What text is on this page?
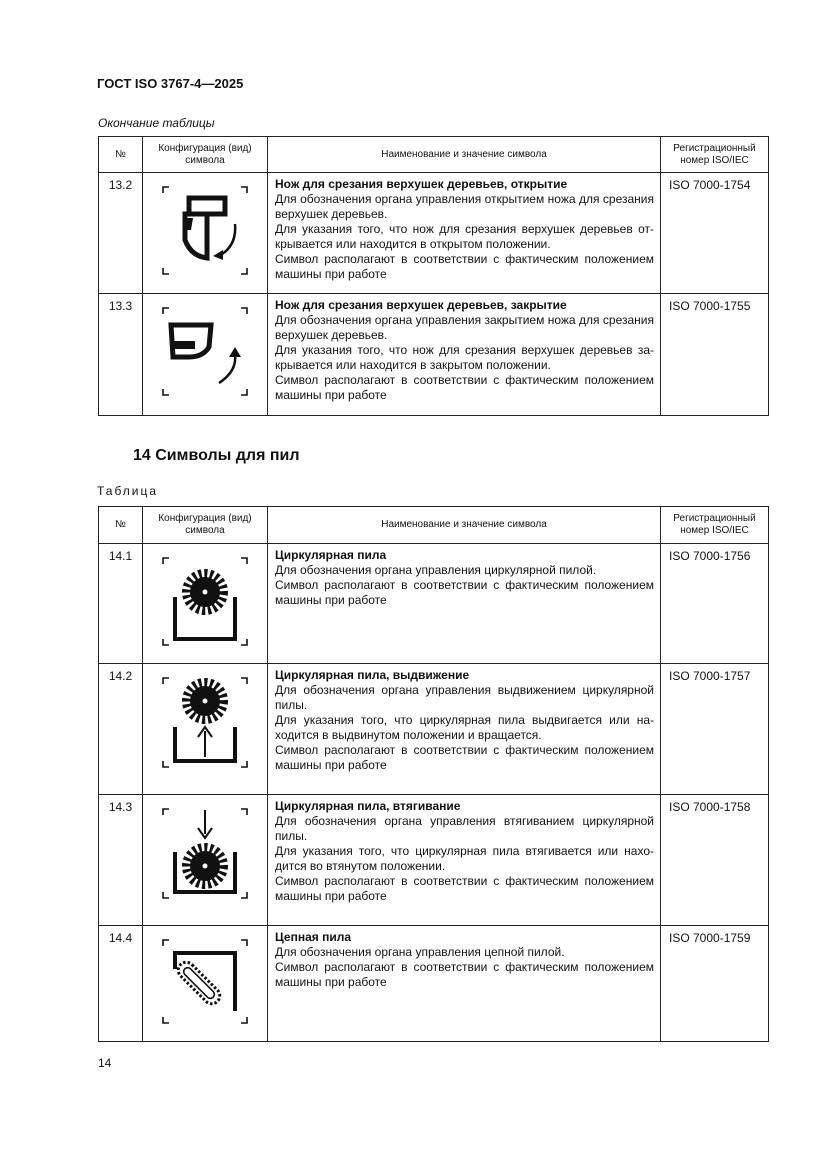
ГОСТ ISO 3767-4—2025
Окончание таблицы
№	Конфигурация (вид) символа	Наименование и значение символа	Регистрационный номер ISO/IEC
13.2		Нож для срезания верхушек деревьев, открытие
Для обозначения органа управления открытием ножа для срезания верхушек деревьев.
Для указания того, что нож для срезания верхушек деревьев открывается или находится в открытом положении.
Символ располагают в соответствии с фактическим положением машины при работе	ISO 7000-1754
13.3		Нож для срезания верхушек деревьев, закрытие
Для обозначения органа управления закрытием ножа для срезания верхушек деревьев.
Для указания того, что нож для срезания верхушек деревьев закрывается или находится в закрытом положении.
Символ располагают в соответствии с фактическим положением машины при работе	ISO 7000-1755
14 Символы для пил
Таблица
№	Конфигурация (вид) символа	Наименование и значение символа	Регистрационный номер ISO/IEC
14.1		Циркулярная пила
Для обозначения органа управления циркулярной пилой.
Символ располагают в соответствии с фактическим положением машины при работе	ISO 7000-1756
14.2		Циркулярная пила, выдвижение
Для обозначения органа управления выдвижением циркулярной пилы.
Для указания того, что циркулярная пила выдвигается или находится в выдвинутом положении и вращается.
Символ располагают в соответствии с фактическим положением машины при работе	ISO 7000-1757
14.3		Циркулярная пила, втягивание
Для обозначения органа управления втягиванием циркулярной пилы.
Для указания того, что циркулярная пила втягивается или находится во втянутом положении.
Символ располагают в соответствии с фактическим положением машины при работе	ISO 7000-1758
14.4		Цепная пила
Для обозначения органа управления цепной пилой.
Символ располагают в соответствии с фактическим положением машины при работе	ISO 7000-1759
14
